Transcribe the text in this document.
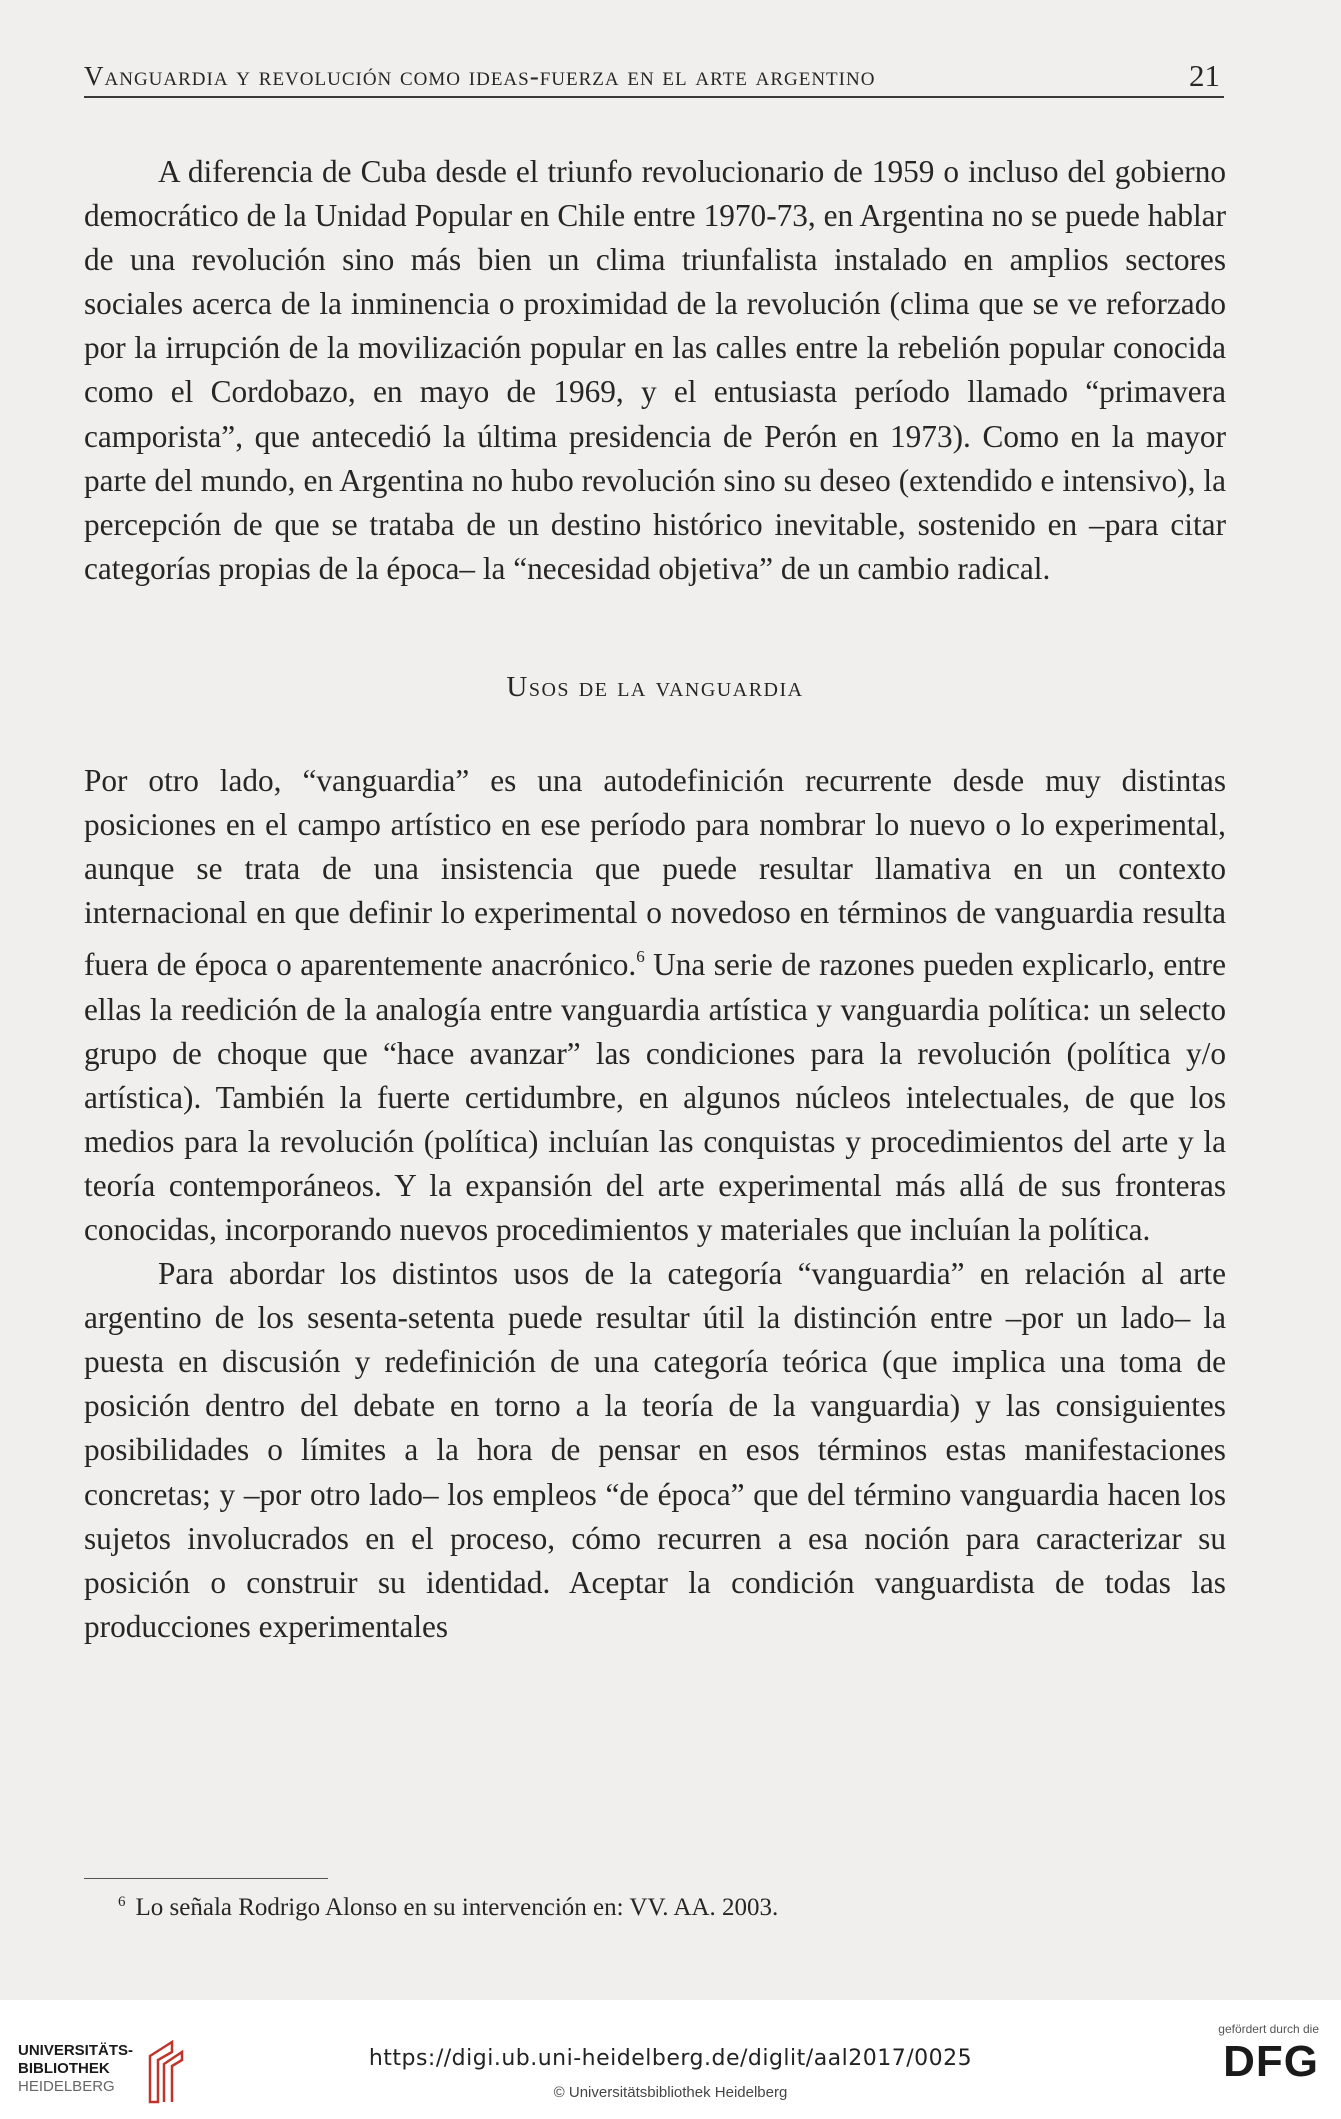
Vanguardia y revolución como ideas-fuerza en el arte argentino	21

A diferencia de Cuba desde el triunfo revolucionario de 1959 o incluso del gobierno democrático de la Unidad Popular en Chile entre 1970-73, en Argentina no se puede hablar de una revolución sino más bien un clima triunfalista instalado en amplios sectores sociales acerca de la inminencia o proximidad de la revolución (clima que se ve reforzado por la irrupción de la movilización popular en las calles entre la rebelión popular conocida como el Cordobazo, en mayo de 1969, y el entusiasta período llamado “primavera camporista”, que antecedió la última presidencia de Perón en 1973). Como en la mayor parte del mundo, en Argentina no hubo revolución sino su deseo (extendido e intensivo), la percepción de que se trataba de un destino histórico inevitable, sostenido en –para citar categorías propias de la época– la “necesidad objetiva” de un cambio radical.

Usos de la vanguardia

Por otro lado, “vanguardia” es una autodefinición recurrente desde muy distintas posiciones en el campo artístico en ese período para nombrar lo nuevo o lo experimental, aunque se trata de una insistencia que puede resultar llamativa en un contexto internacional en que definir lo experimental o novedoso en términos de vanguardia resulta fuera de época o aparentemente anacrónico.$^6$ Una serie de razones pueden explicarlo, entre ellas la reedición de la analogía entre vanguardia artística y vanguardia política: un selecto grupo de choque que “hace avanzar” las condiciones para la revolución (política y/o artística). También la fuerte certidumbre, en algunos núcleos intelectuales, de que los medios para la revolución (política) incluían las conquistas y procedimientos del arte y la teoría contemporáneos. Y la expansión del arte experimental más allá de sus fronteras conocidas, incorporando nuevos procedimientos y materiales que incluían la política.

Para abordar los distintos usos de la categoría “vanguardia” en relación al arte argentino de los sesenta-setenta puede resultar útil la distinción entre –por un lado– la puesta en discusión y redefinición de una categoría teórica (que implica una toma de posición dentro del debate en torno a la teoría de la vanguardia) y las consiguientes posibilidades o límites a la hora de pensar en esos términos estas manifestaciones concretas; y –por otro lado– los empleos “de época” que del término vanguardia hacen los sujetos involucrados en el proceso, cómo recurren a esa noción para caracterizar su posición o construir su identidad. Aceptar la condición vanguardista de todas las producciones experimentales

$^6$ Lo señala Rodrigo Alonso en su intervención en: VV. AA. 2003.
UNIVERSITÄTS-
BIBLIOTHEK
HEIDELBERG
https://digi.ub.uni-heidelberg.de/diglit/aal2017/0025
© Universitätsbibliothek Heidelberg
gefördert durch die
DFG
